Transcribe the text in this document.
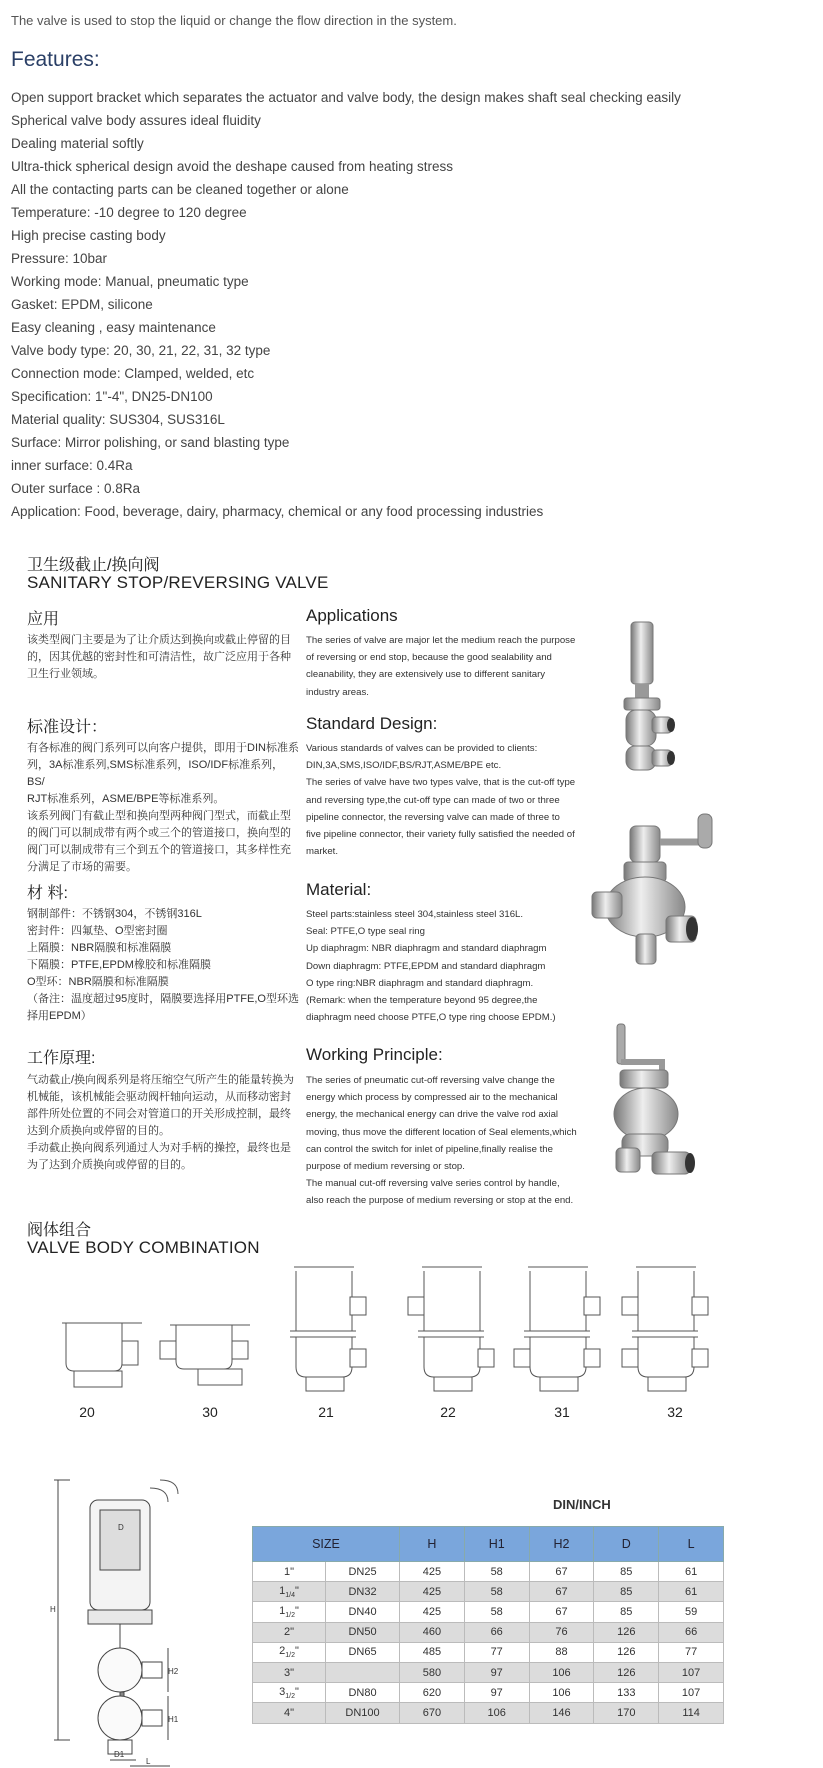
The valve is used to stop the liquid or change the flow direction in the system.
Features:
Open support bracket which separates the actuator and valve body, the design makes shaft seal checking easily
Spherical valve body assures ideal fluidity
Dealing material softly
Ultra-thick spherical design avoid the deshape caused from heating stress
All the contacting parts can be cleaned together or alone
Temperature: -10 degree to 120 degree
High precise casting body
Pressure: 10bar
Working mode: Manual, pneumatic type
Gasket: EPDM, silicone
Easy cleaning , easy maintenance
Valve body type: 20, 30, 21, 22, 31, 32 type
Connection mode: Clamped, welded, etc
Specification: 1"-4", DN25-DN100
Material quality: SUS304, SUS316L
Surface: Mirror polishing, or sand blasting type
inner surface: 0.4Ra
Outer surface : 0.8Ra
Application: Food, beverage, dairy, pharmacy, chemical or any food processing industries
卫生级截止/换向阀
SANITARY STOP/REVERSING VALVE
应用	Applications
该类型阀门主要是为了让介质达到换向或截止停留的目
的，因其优越的密封性和可清洁性，故广泛应用于各种
卫生行业领域。
The series of valve are major let the medium reach the purpose
of reversing or end stop, because the good sealability and
cleanability, they are extensively use to different sanitary
industry areas.
标准设计：	Standard Design:
有各标准的阀门系列可以向客户提供，即用于DIN标准系
列，3A标准系列,SMS标准系列，ISO/IDF标准系列，BS/
RJT标准系列，ASME/BPE等标准系列。
该系列阀门有截止型和换向型两种阀门型式，而截止型
的阀门可以制成带有两个或三个的管道接口，换向型的
阀门可以制成带有三个到五个的管道接口，其多样性充
分满足了市场的需要。
Various standards of valves can be provided to clients:
DIN,3A,SMS,ISO/IDF,BS/RJT,ASME/BPE etc.
The series of valve have two types valve, that is the cut-off type
and reversing type,the cut-off type can made of two or three
pipeline connector, the reversing valve can made of three to
five pipeline connector, their variety fully satisfied the needed of
market.
材 料:	Material:
钢制部件：不锈钢304，不锈钢316L
密封件：四氟垫、O型密封圈
上隔膜：NBR隔膜和标准隔膜
下隔膜：PTFE,EPDM橡胶和标准隔膜
O型环：NBR隔膜和标准隔膜
（备注：温度超过95度时，隔膜要选择用PTFE,O型环选
择用EPDM）
Steel parts:stainless steel 304,stainless steel 316L.
Seal: PTFE,O type seal ring
Up diaphragm: NBR diaphragm and standard diaphragm
Down diaphragm: PTFE,EPDM and standard diaphragm
O type ring:NBR diaphragm and standard diaphragm.
(Remark: when the temperature beyond 95 degree,the
diaphragm need choose PTFE,O type ring choose EPDM.)
工作原理:	Working Principle:
气动截止/换向阀系列是将压缩空气所产生的能量转换为
机械能，该机械能会驱动阀杆轴向运动，从而移动密封
部件所处位置的不同会对管道口的开关形成控制，最终
达到介质换向或停留的目的。
手动截止换向阀系列通过人为对手柄的操控，最终也是
为了达到介质换向或停留的目的。
The series of pneumatic cut-off reversing valve change the
energy which process by compressed air to the mechanical
energy, the mechanical energy can drive the valve rod axial
moving, thus move the different location of Seal elements,which
can control the switch for inlet of pipeline,finally realise the
purpose of medium reversing or stop.
The manual cut-off reversing valve series control by handle,
also reach the purpose of medium reversing or stop at the end.
阀体组合
VALVE BODY COMBINATION
20	30	21	22	31	32
H
H1
H2
D
D1
L
DIN/INCH
SIZE		H	H1	H2	D	L
1"	DN25	425	58	67	85	61
$1_{1/4}$"	DN32	425	58	67	85	61
$1_{1/2}$"	DN40	425	58	67	85	59
2"	DN50	460	66	76	126	66
$2_{1/2}$"	DN65	485	77	88	126	77
3"		580	97	106	126	107
$3_{1/2}$"	DN80	620	97	106	133	107
4"	DN100	670	106	146	170	114
